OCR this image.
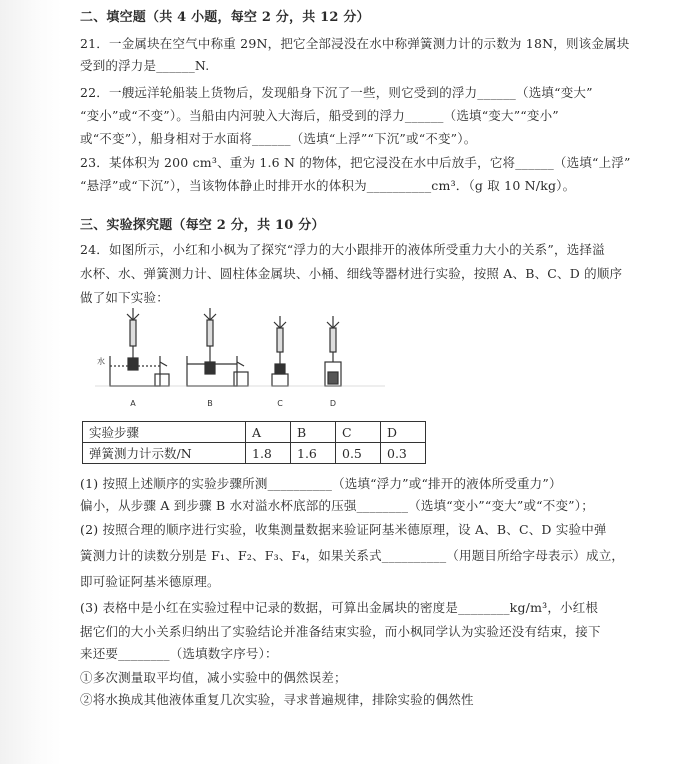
二、填空题（共 4 小题，每空 2 分，共 12 分）
21．一金属块在空气中称重 29N，把它全部浸没在水中称弹簧测力计的示数为 18N，则该金属块
受到的浮力是______N.
22．一艘远洋轮船装上货物后，发现船身下沉了一些，则它受到的浮力______（选填“变大”
“变小”或“不变”）。当船由内河驶入大海后，船受到的浮力______（选填“变大”“变小”
或“不变”），船身相对于水面将______（选填“上浮”“下沉”或“不变”）。
23．某体积为 200 cm³、重为 1.6 N 的物体，把它浸没在水中后放手，它将______（选填“上浮”
“悬浮”或“下沉”），当该物体静止时排开水的体积为__________cm³．（g 取 10 N/kg）。
三、实验探究题（每空 2 分，共 10 分）
24．如图所示，小红和小枫为了探究“浮力的大小跟排开的液体所受重力大小的关系”，选择溢
水杯、水、弹簧测力计、圆柱体金属块、小桶、细线等器材进行实验，按照 A、B、C、D 的顺序
做了如下实验：
水
A	B	C	D
实验步骤	A	B	C	D
弹簧测力计示数/N	1.8	1.6	0.5	0.3
(1) 按照上述顺序的实验步骤所测__________（选填“浮力”或“排开的液体所受重力”）
偏小，从步骤 A 到步骤 B 水对溢水杯底部的压强________（选填“变小”“变大”或“不变”）；
(2) 按照合理的顺序进行实验，收集测量数据来验证阿基米德原理，设 A、B、C、D 实验中弹
簧测力计的读数分别是 F₁、F₂、F₃、F₄，如果关系式__________（用题目所给字母表示）成立，
即可验证阿基米德原理。
(3) 表格中是小红在实验过程中记录的数据，可算出金属块的密度是________kg/m³，小红根
据它们的大小关系归纳出了实验结论并准备结束实验，而小枫同学认为实验还没有结束，接下
来还要________（选填数字序号）：
①多次测量取平均值，减小实验中的偶然误差；
②将水换成其他液体重复几次实验，寻求普遍规律，排除实验的偶然性
